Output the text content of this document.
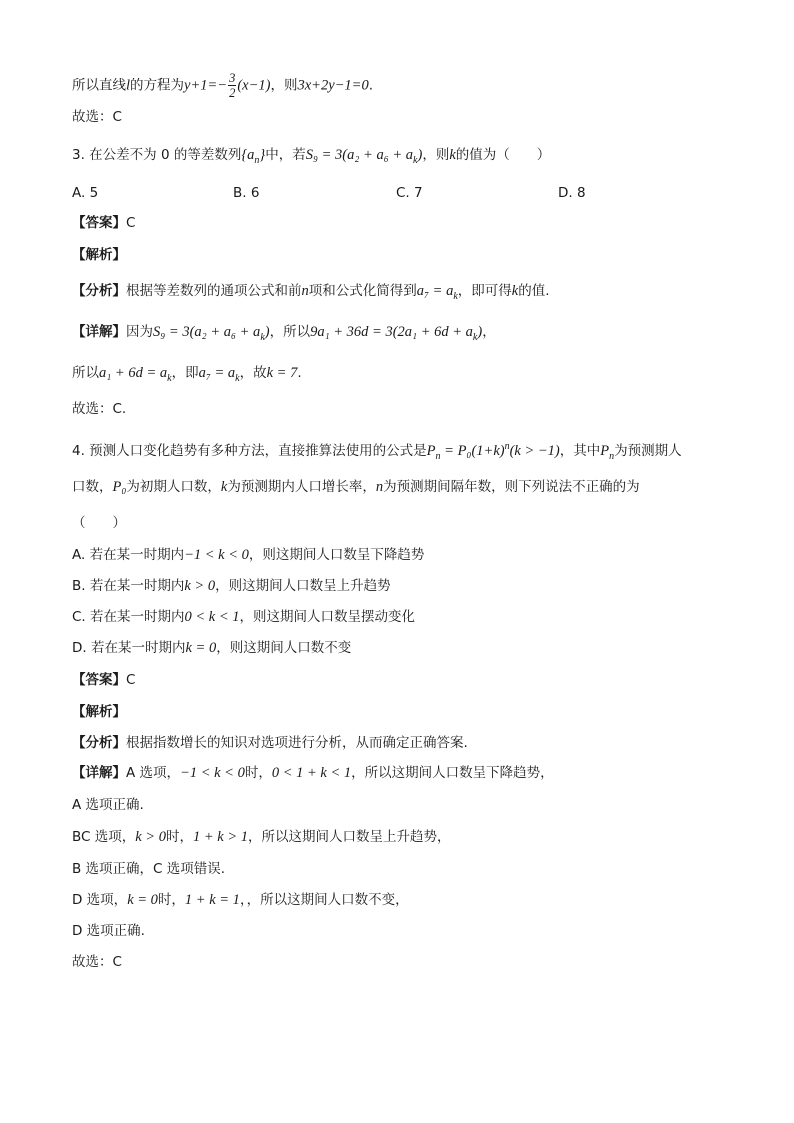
所以直线l的方程为$y+1=- \frac{3}{2} (x-1)$，则3x+2y−1=0.
故选：C
3. 在公差不为 0 的等差数列$\{a_n\}$中，若$S_9 = 3(a_2 + a_6 + a_k)$，则k的值为（　　）
A. 5	B. 6	C. 7	D. 8
【答案】C
【解析】
【分析】根据等差数列的通项公式和前n项和公式化简得到$a_7 = a_k$，即可得k的值.
【详解】因为$S_9 = 3(a_2 + a_6 + a_k)$，所以$9a_1 + 36d = 3(2a_1 + 6d + a_k)$，
所以$a_1 + 6d = a_k$，即$a_7 = a_k$，故k = 7.
故选：C.
4. 预测人口变化趋势有多种方法，直接推算法使用的公式是$P_n = P_0(1+k)^n(k > -1)$，其中$P_n$为预测期人
口数，P₀为初期人口数，k为预测期内人口增长率，n为预测期间隔年数，则下列说法不正确的为
（　　）
A. 若在某一时期内−1 < k < 0，则这期间人口数呈下降趋势
B. 若在某一时期内k > 0，则这期间人口数呈上升趋势
C. 若在某一时期内0 < k < 1，则这期间人口数呈摆动变化
D. 若在某一时期内k = 0，则这期间人口数不变
【答案】C
【解析】
【分析】根据指数增长的知识对选项进行分析，从而确定正确答案.
【详解】A 选项，−1 < k < 0时，0 < 1 + k < 1，所以这期间人口数呈下降趋势，
A 选项正确.
BC 选项，k > 0时，1 + k > 1，所以这期间人口数呈上升趋势，
B 选项正确，C 选项错误.
D 选项，k = 0时，1 + k = 1，，所以这期间人口数不变，
D 选项正确.
故选：C
